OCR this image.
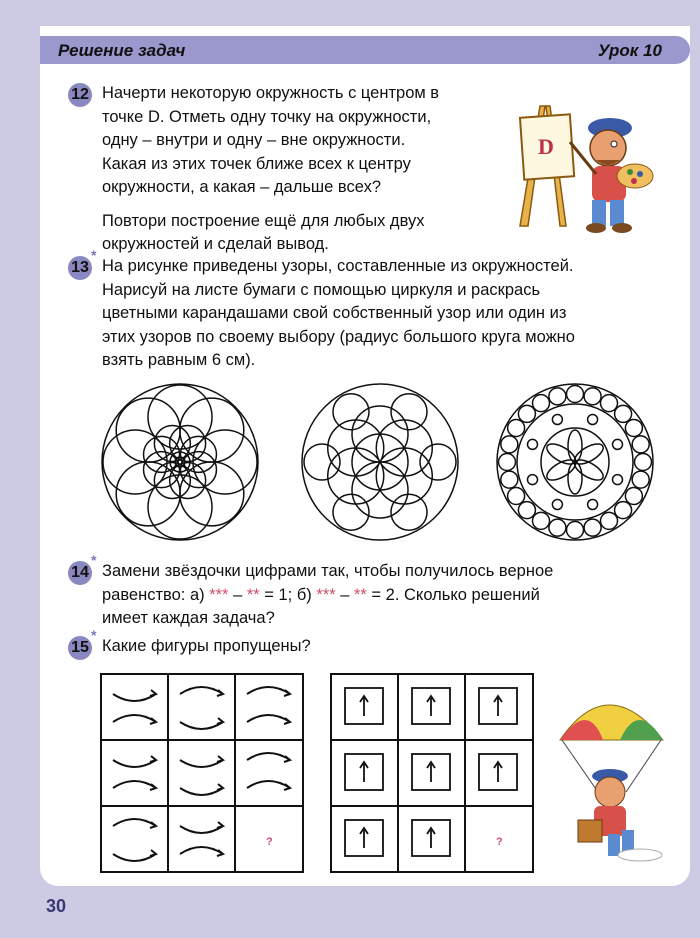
Решение задач	Урок 10
12 Начерти некоторую окружность с центром в
точке D. Отметь одну точку на окружности,
одну – внутри и одну – вне окружности.
Какая из этих точек ближе всех к центру
окружности, а какая – дальше всех?
Повтори построение ещё для любых двух
окружностей и сделай вывод.
D
13
*
На рисунке приведены узоры, составленные из окружностей.
Нарисуй на листе бумаги с помощью циркуля и раскрась
цветными карандашами свой собственный узор или один из
этих узоров по своему выбору (радиус большого круга можно
взять равным 6 см).
14
*
Замени звёздочки цифрами так, чтобы получилось верное
равенство: а) *** – ** = 1; б) *** – ** = 2. Сколько решений
имеет каждая задача?
15
*
Какие фигуры пропущены?
?	?
30
